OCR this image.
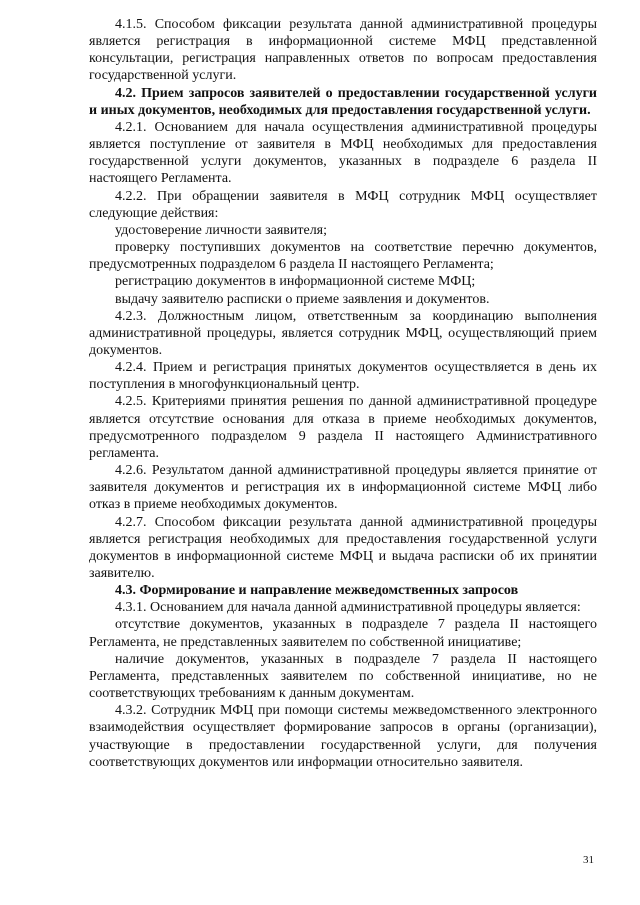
4.1.5. Способом фиксации результата данной административной процедуры является регистрация в информационной системе МФЦ представленной консультации, регистрация направленных ответов по вопросам предоставления государственной услуги.

4.2. Прием запросов заявителей о предоставлении государственной услуги и иных документов, необходимых для предоставления государственной услуги.

4.2.1. Основанием для начала осуществления административной процедуры является поступление от заявителя в МФЦ необходимых для предоставления государственной услуги документов, указанных в подразделе 6 раздела II настоящего Регламента.

4.2.2. При обращении заявителя в МФЦ сотрудник МФЦ осуществляет следующие действия:

удостоверение личности заявителя;

проверку поступивших документов на соответствие перечню документов, предусмотренных подразделом 6 раздела II настоящего Регламента;

регистрацию документов в информационной системе МФЦ;

выдачу заявителю расписки о приеме заявления и документов.

4.2.3. Должностным лицом, ответственным за координацию выполнения административной процедуры, является сотрудник МФЦ, осуществляющий прием документов.

4.2.4. Прием и регистрация принятых документов осуществляется в день их поступления в многофункциональный центр.

4.2.5. Критериями принятия решения по данной административной процедуре является отсутствие основания для отказа в приеме необходимых документов, предусмотренного подразделом 9 раздела II настоящего Административного регламента.

4.2.6. Результатом данной административной процедуры является принятие от заявителя документов и регистрация их в информационной системе МФЦ либо отказ в приеме необходимых документов.

4.2.7. Способом фиксации результата данной административной процедуры является регистрация необходимых для предоставления государственной услуги документов в информационной системе МФЦ и выдача расписки об их принятии заявителю.

4.3. Формирование и направление межведомственных запросов

4.3.1. Основанием для начала данной административной процедуры является:

отсутствие документов, указанных в подразделе 7 раздела II настоящего Регламента, не представленных заявителем по собственной инициативе;

наличие документов, указанных в подразделе 7 раздела II настоящего Регламента, представленных заявителем по собственной инициативе, но не соответствующих требованиям к данным документам.

4.3.2. Сотрудник МФЦ при помощи системы межведомственного электронного взаимодействия осуществляет формирование запросов в органы (организации), участвующие в предоставлении государственной услуги, для получения соответствующих документов или информации относительно заявителя.

31
